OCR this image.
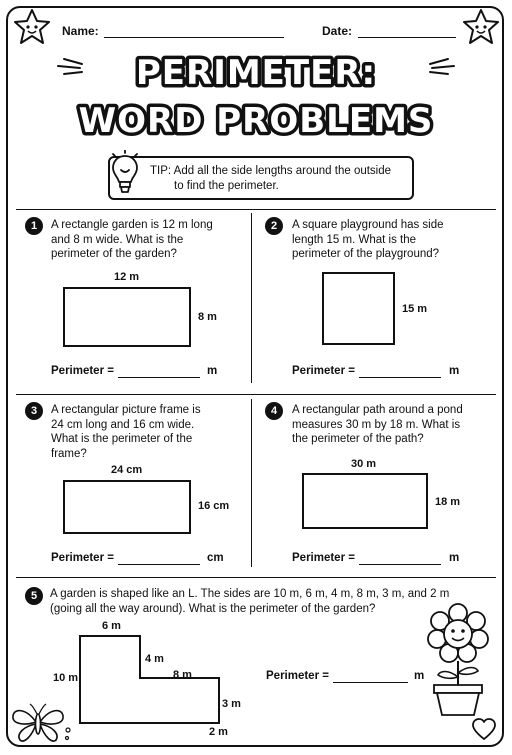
Name:	Date:
PERIMETER:
WORD PROBLEMS
TIP: Add all the side lengths around the outside
to find the perimeter.
1	A rectangle garden is 12 m long
and 8 m wide. What is the
perimeter of the garden?
12 m
8 m
Perimeter =	m
2	A square playground has side
length 15 m. What is the
perimeter of the playground?
15 m
Perimeter =	m
3	A rectangular picture frame is
24 cm long and 16 cm wide.
What is the perimeter of the
frame?
24 cm
16 cm
Perimeter =	cm
4	A rectangular path around a pond
measures 30 m by 18 m. What is
the perimeter of the path?
30 m
18 m
Perimeter =	m
5	A garden is shaped like an L. The sides are 10 m, 6 m, 4 m, 8 m, 3 m, and 2 m
(going all the way around). What is the perimeter of the garden?
6 m
10 m
4 m
8 m
3 m
2 m
Perimeter =	m
